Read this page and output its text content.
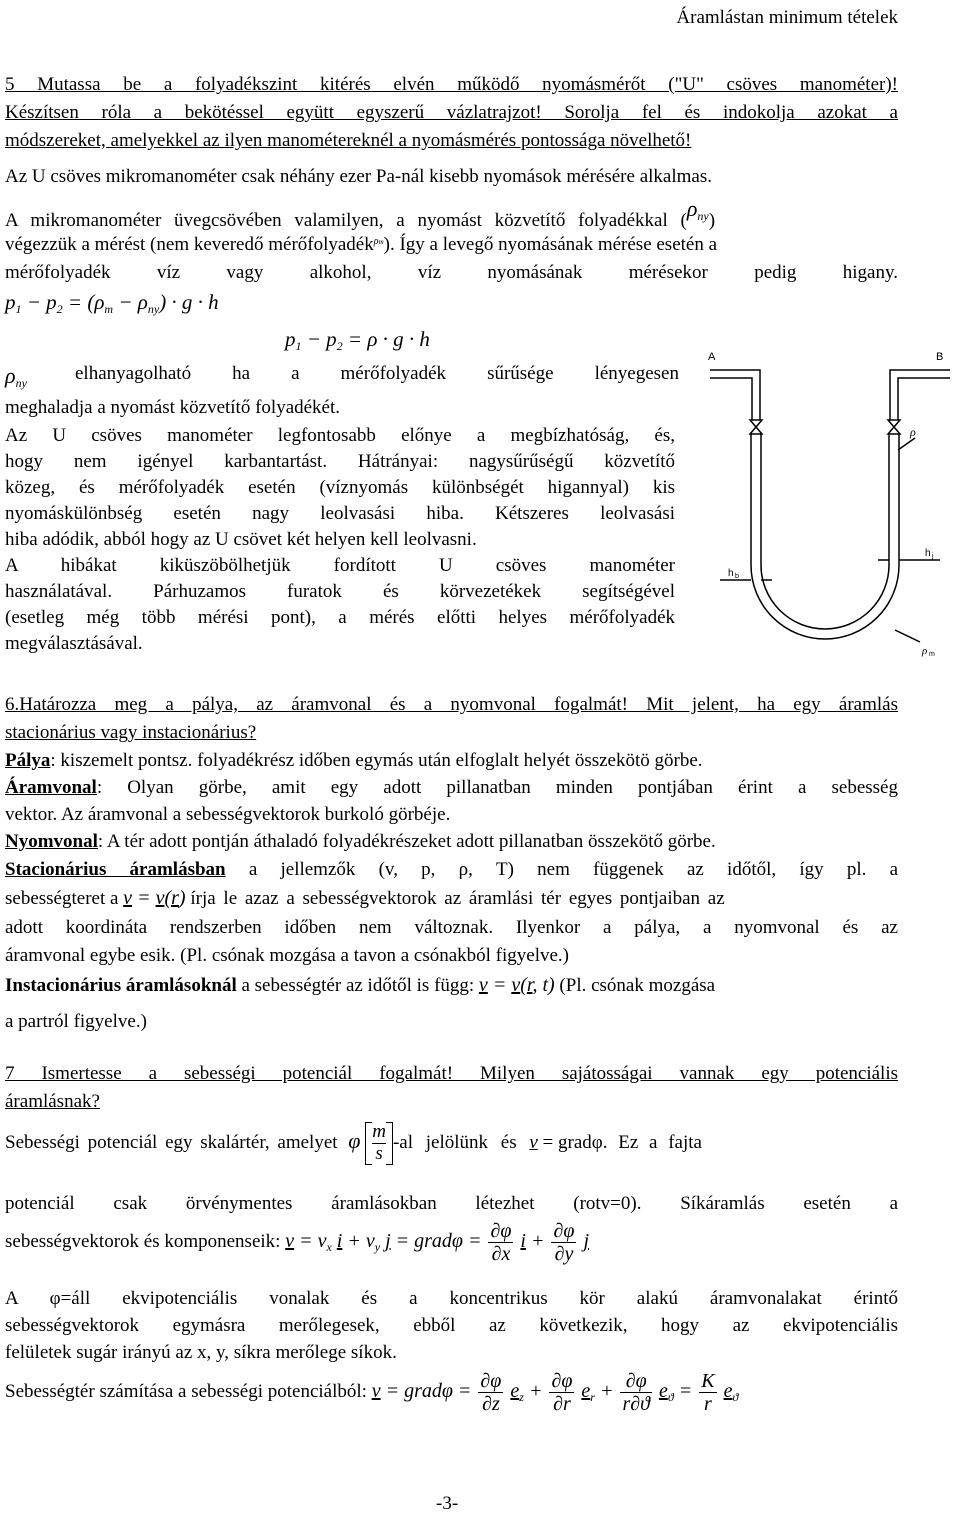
Áramlástan minimum tételek
5 Mutassa be a folyadékszint kitérés elvén működő nyomásmérőt ("U" csöves manométer)!
Készítsen róla a bekötéssel együtt egyszerű vázlatrajzot! Sorolja fel és indokolja azokat a
módszereket, amelyekkel az ilyen manométereknél a nyomásmérés pontossága növelhető!
Az U csöves mikromanométer csak néhány ezer Pa-nál kisebb nyomások mérésére alkalmas.
A mikromanométer üvegcsövében valamilyen, a nyomást közvetítő folyadékkal $(\rho_{ny})$
végezzük a mérést (nem keveredő mérőfolyadék$^{\rho m}$). Így a levegő nyomásának mérése esetén a
mérőfolyadék víz vagy alkohol, víz nyomásának mérésekor pedig higany.
$p_1 - p_2 = (\rho_m - \rho_{ny}) \cdot g \cdot h$
$p_1 - p_2 = \rho \cdot g \cdot h$
$\rho_{ny}$	elhanyagolható ha a mérőfolyadék sűrűsége lényegesen
meghaladja a nyomást közvetítő folyadékét.
Az U csöves manométer legfontosabb előnye a megbízhatóság, és,
hogy nem igényel karbantartást. Hátrányai: nagysűrűségű közvetítő
közeg, és mérőfolyadék esetén (víznyomás különbségét higannyal) kis
nyomáskülönbség esetén nagy leolvasási hiba. Kétszeres leolvasási
hiba adódik, abból hogy az U csövet két helyen kell leolvasni.
A hibákat kiküszöbölhetjük fordított U csöves manométer
használatával. Párhuzamos furatok és körvezetékek segítségével
(esetleg még több mérési pont), a mérés előtti helyes mérőfolyadék
megválasztásával.
A	B
ρ
h b
h j
ρ m
6.Határozza meg a pálya, az áramvonal és a nyomvonal fogalmát! Mit jelent, ha egy áramlás
stacionárius vagy instacionárius?
Pálya: kiszemelt pontsz. folyadékrész időben egymás után elfoglalt helyét összekötö görbe.
Áramvonal: Olyan görbe, amit egy adott pillanatban minden pontjában érint a sebesség
vektor. Az áramvonal a sebességvektorok burkoló görbéje.
Nyomvonal: A tér adott pontján áthaladó folyadékrészeket adott pillanatban összekötő görbe.
Stacionárius áramlásban a jellemzők (v, p, ρ, T) nem függenek az időtől, így pl. a
sebességteret a v = v(r) írja le azaz a sebességvektorok az áramlási tér egyes pontjaiban az
adott koordináta rendszerben időben nem változnak. Ilyenkor a pálya, a nyomvonal és az
áramvonal egybe esik. (Pl. csónak mozgása a tavon a csónakból figyelve.)
Instacionárius áramlásoknál a sebességtér az időtől is függ: v = v(r, t) (Pl. csónak mozgása
a partról figyelve.)
7 Ismertesse a sebességi potenciál fogalmát! Milyen sajátosságai vannak egy potenciális
áramlásnak?
Sebességi potenciál egy skalártér, amelyet φ $\frac{m}{s} -al$ jelölünk és v = gradφ. Ez a fajta
potenciál csak örvénymentes áramlásokban létezhet (rotv=0). Síkáramlás esetén a
sebességvektorok és komponenseik: $v = v_x$ $i + v_y$ j = gradφ = $\frac{\partial\varphi}{\partial x}$ $i + \frac{\partial\varphi}{\partial y}$ j
A φ=áll ekvipotenciális vonalak és a koncentrikus kör alakú áramvonalakat érintő
sebességvektorok egymásra merőlegesek, ebből az következik, hogy az ekvipotenciális
felületek sugár irányú az x, y, síkra merőlege síkok.
Sebességtér számítása a sebességi potenciálból: v = gradφ = $\frac{\partial\varphi}{\partial z} e_z + \frac{\partial\varphi}{\partial r} e_r + \frac{\partial\varphi}{r\partial ϑ} e_ϑ = \frac{K}{r} e_ϑ$
-3-
